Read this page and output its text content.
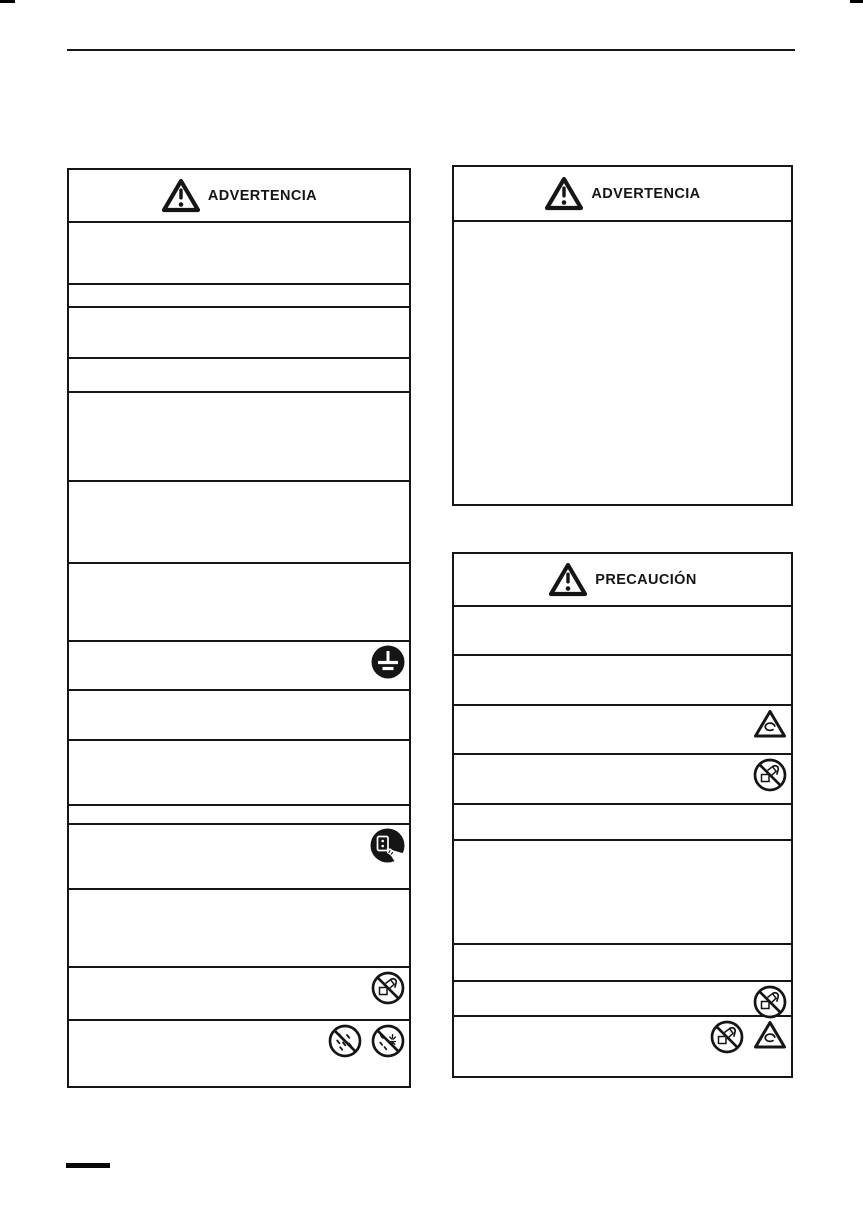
ADVERTENCIA	ADVERTENCIA
PRECAUCIÓN
